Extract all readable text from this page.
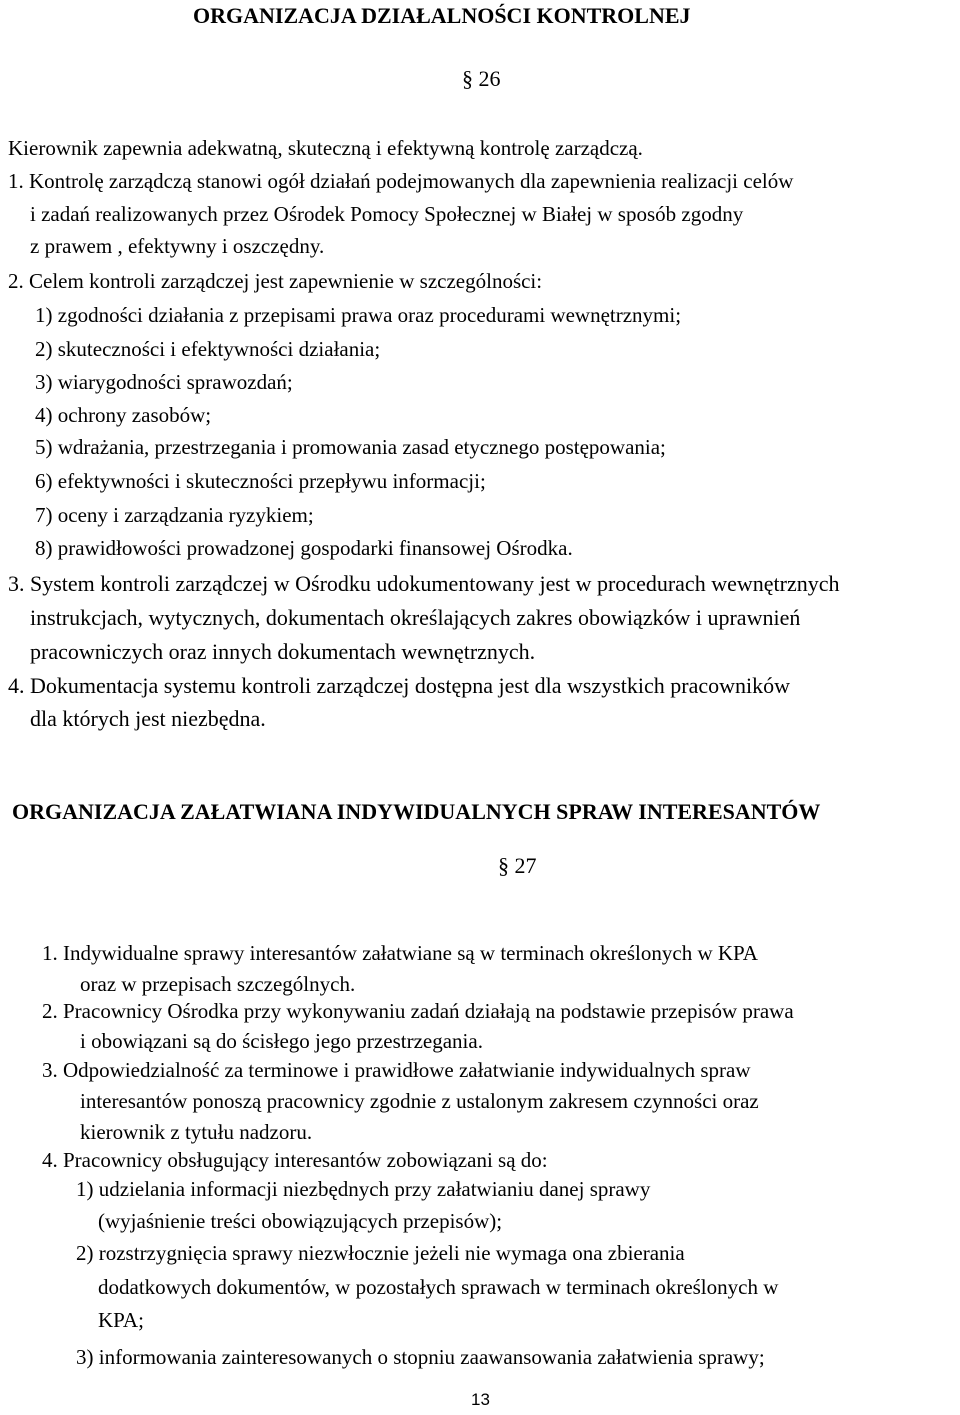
ORGANIZACJA DZIAŁALNOŚCI KONTROLNEJ
§ 26
Kierownik zapewnia adekwatną, skuteczną i efektywną kontrolę zarządczą.
1. Kontrolę zarządczą stanowi ogół działań podejmowanych dla zapewnienia realizacji celów
i zadań realizowanych przez Ośrodek Pomocy Społecznej w Białej w sposób zgodny
z prawem , efektywny i oszczędny.
2. Celem kontroli zarządczej jest zapewnienie w szczególności:
1) zgodności działania z przepisami prawa oraz procedurami wewnętrznymi;
2) skuteczności i efektywności działania;
3) wiarygodności sprawozdań;
4) ochrony zasobów;
5) wdrażania, przestrzegania i promowania zasad etycznego postępowania;
6) efektywności i skuteczności przepływu informacji;
7) oceny i zarządzania ryzykiem;
8) prawidłowości prowadzonej gospodarki finansowej Ośrodka.
3. System kontroli zarządczej w Ośrodku udokumentowany jest w procedurach wewnętrznych
instrukcjach, wytycznych, dokumentach określających zakres obowiązków i uprawnień
pracowniczych oraz innych dokumentach wewnętrznych.
4. Dokumentacja systemu kontroli zarządczej dostępna jest dla wszystkich pracowników
dla których jest niezbędna.
ORGANIZACJA ZAŁATWIANA INDYWIDUALNYCH SPRAW INTERESANTÓW
§ 27
1. Indywidualne sprawy interesantów załatwiane są w terminach określonych w KPA
oraz w przepisach szczególnych.
2. Pracownicy Ośrodka przy wykonywaniu zadań działają na podstawie przepisów prawa
i obowiązani są do ścisłego jego przestrzegania.
3. Odpowiedzialność za terminowe i prawidłowe załatwianie indywidualnych spraw
interesantów ponoszą pracownicy zgodnie z ustalonym zakresem czynności oraz
kierownik z tytułu nadzoru.
4. Pracownicy obsługujący interesantów zobowiązani są do:
1) udzielania informacji niezbędnych przy załatwianiu danej sprawy
(wyjaśnienie treści obowiązujących przepisów);
2) rozstrzygnięcia sprawy niezwłocznie jeżeli nie wymaga ona zbierania
dodatkowych dokumentów, w pozostałych sprawach w terminach określonych w
KPA;
3) informowania zainteresowanych o stopniu zaawansowania załatwienia sprawy;
13
